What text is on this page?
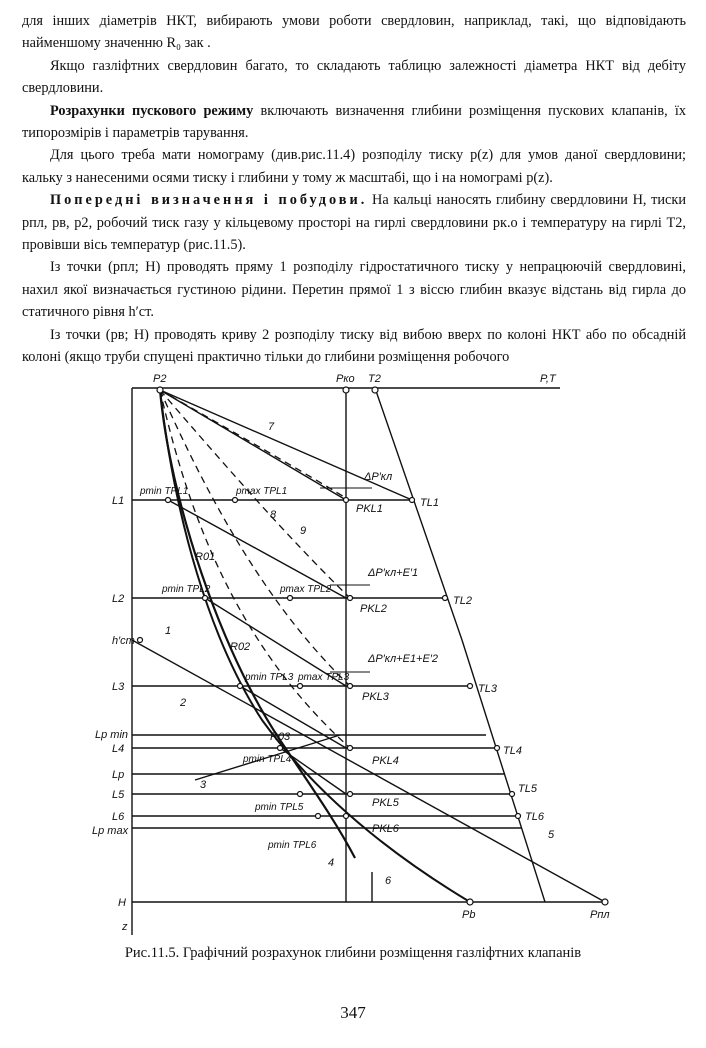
для інших діаметрів НКТ, вибирають умови роботи свердловин, наприклад, такі, що відповідають найменшому значенню R₀ зак .

Якщо газліфтних свердловин багато, то складають таблицю залежності діаметра НКТ від дебіту свердловини.

Розрахунки пускового режиму включають визначення глибини розміщення пускових клапанів, їх типорозмірів і параметрів тарування.

Для цього треба мати номограму (див.рис.11.4) розподілу тиску p(z) для умов даної свердловини; кальку з нанесеними осями тиску і глибини у тому ж масштабі, що і на номограмі p(z).

Попередні визначення і побудови. На кальці наносять глибину свердловини H, тиски pпл, pв, p2, робочий тиск газу у кільцевому просторі на гирлі свердловини pк.о і температуру на гирлі T2, провівши вісь температур (рис.11.5).

Із точки (pпл; H) проводять пряму 1 розподілу гідростатичного тиску у непрацюючій свердловині, нахил якої визначається густиною рідини. Перетин прямої 1 з віссю глибин вказує відстань від гирла до статичного рівня h′ст.

Із точки (pв; H) проводять криву 2 розподілу тиску від вибою вверх по колоні НКТ або по обсадній колоні (якщо труби спущені практично тільки до глибини розміщення робочого

P2	Pкo T2	P,T
L1
L2
h′ст
L3
Lp min
L4
Lp
L5
L6
Lp max
H
z
Pb	Pпл
1
2
3
4
5
6
7
8
9
R01
R02
R03
TL1
TL2
TL3
TL4
TL5
TL6
PKL1
PKL2
PKL3
PKL4
PKL5
PKL6
pmin TPL1
pmin TPL2
pmin TPL3
pmin TPL4
pmin TPL5
pmin TPL6
pmax TPL1
pmax TPL2
pmax TPL3
ΔP′кл
ΔP′кл+E′1
ΔP′кл+E1+E′2
Рис.11.5. Графічний розрахунок глибини розміщення газліфтних клапанів
347
